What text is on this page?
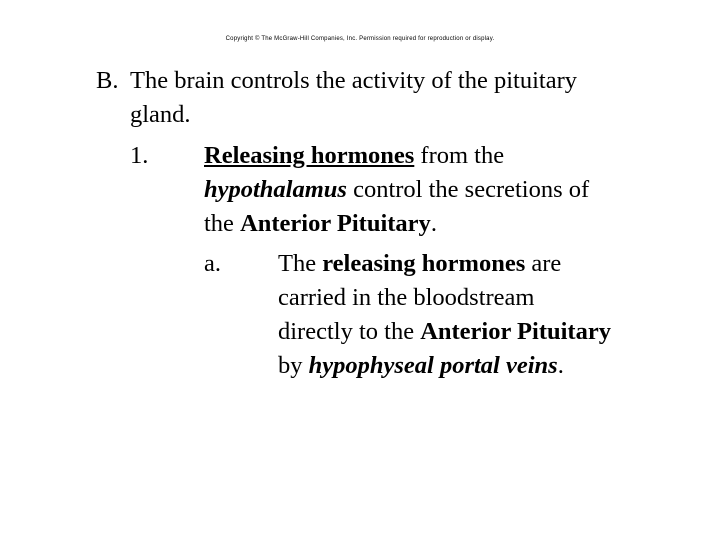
Copyright © The McGraw-Hill Companies, Inc. Permission required for reproduction or display.
B. The brain controls the activity of the pituitary
gland.
1. Releasing hormones from the
hypothalamus control the secretions of
the Anterior Pituitary.
a. The releasing hormones are
carried in the bloodstream
directly to the Anterior Pituitary
by hypophyseal portal veins.
